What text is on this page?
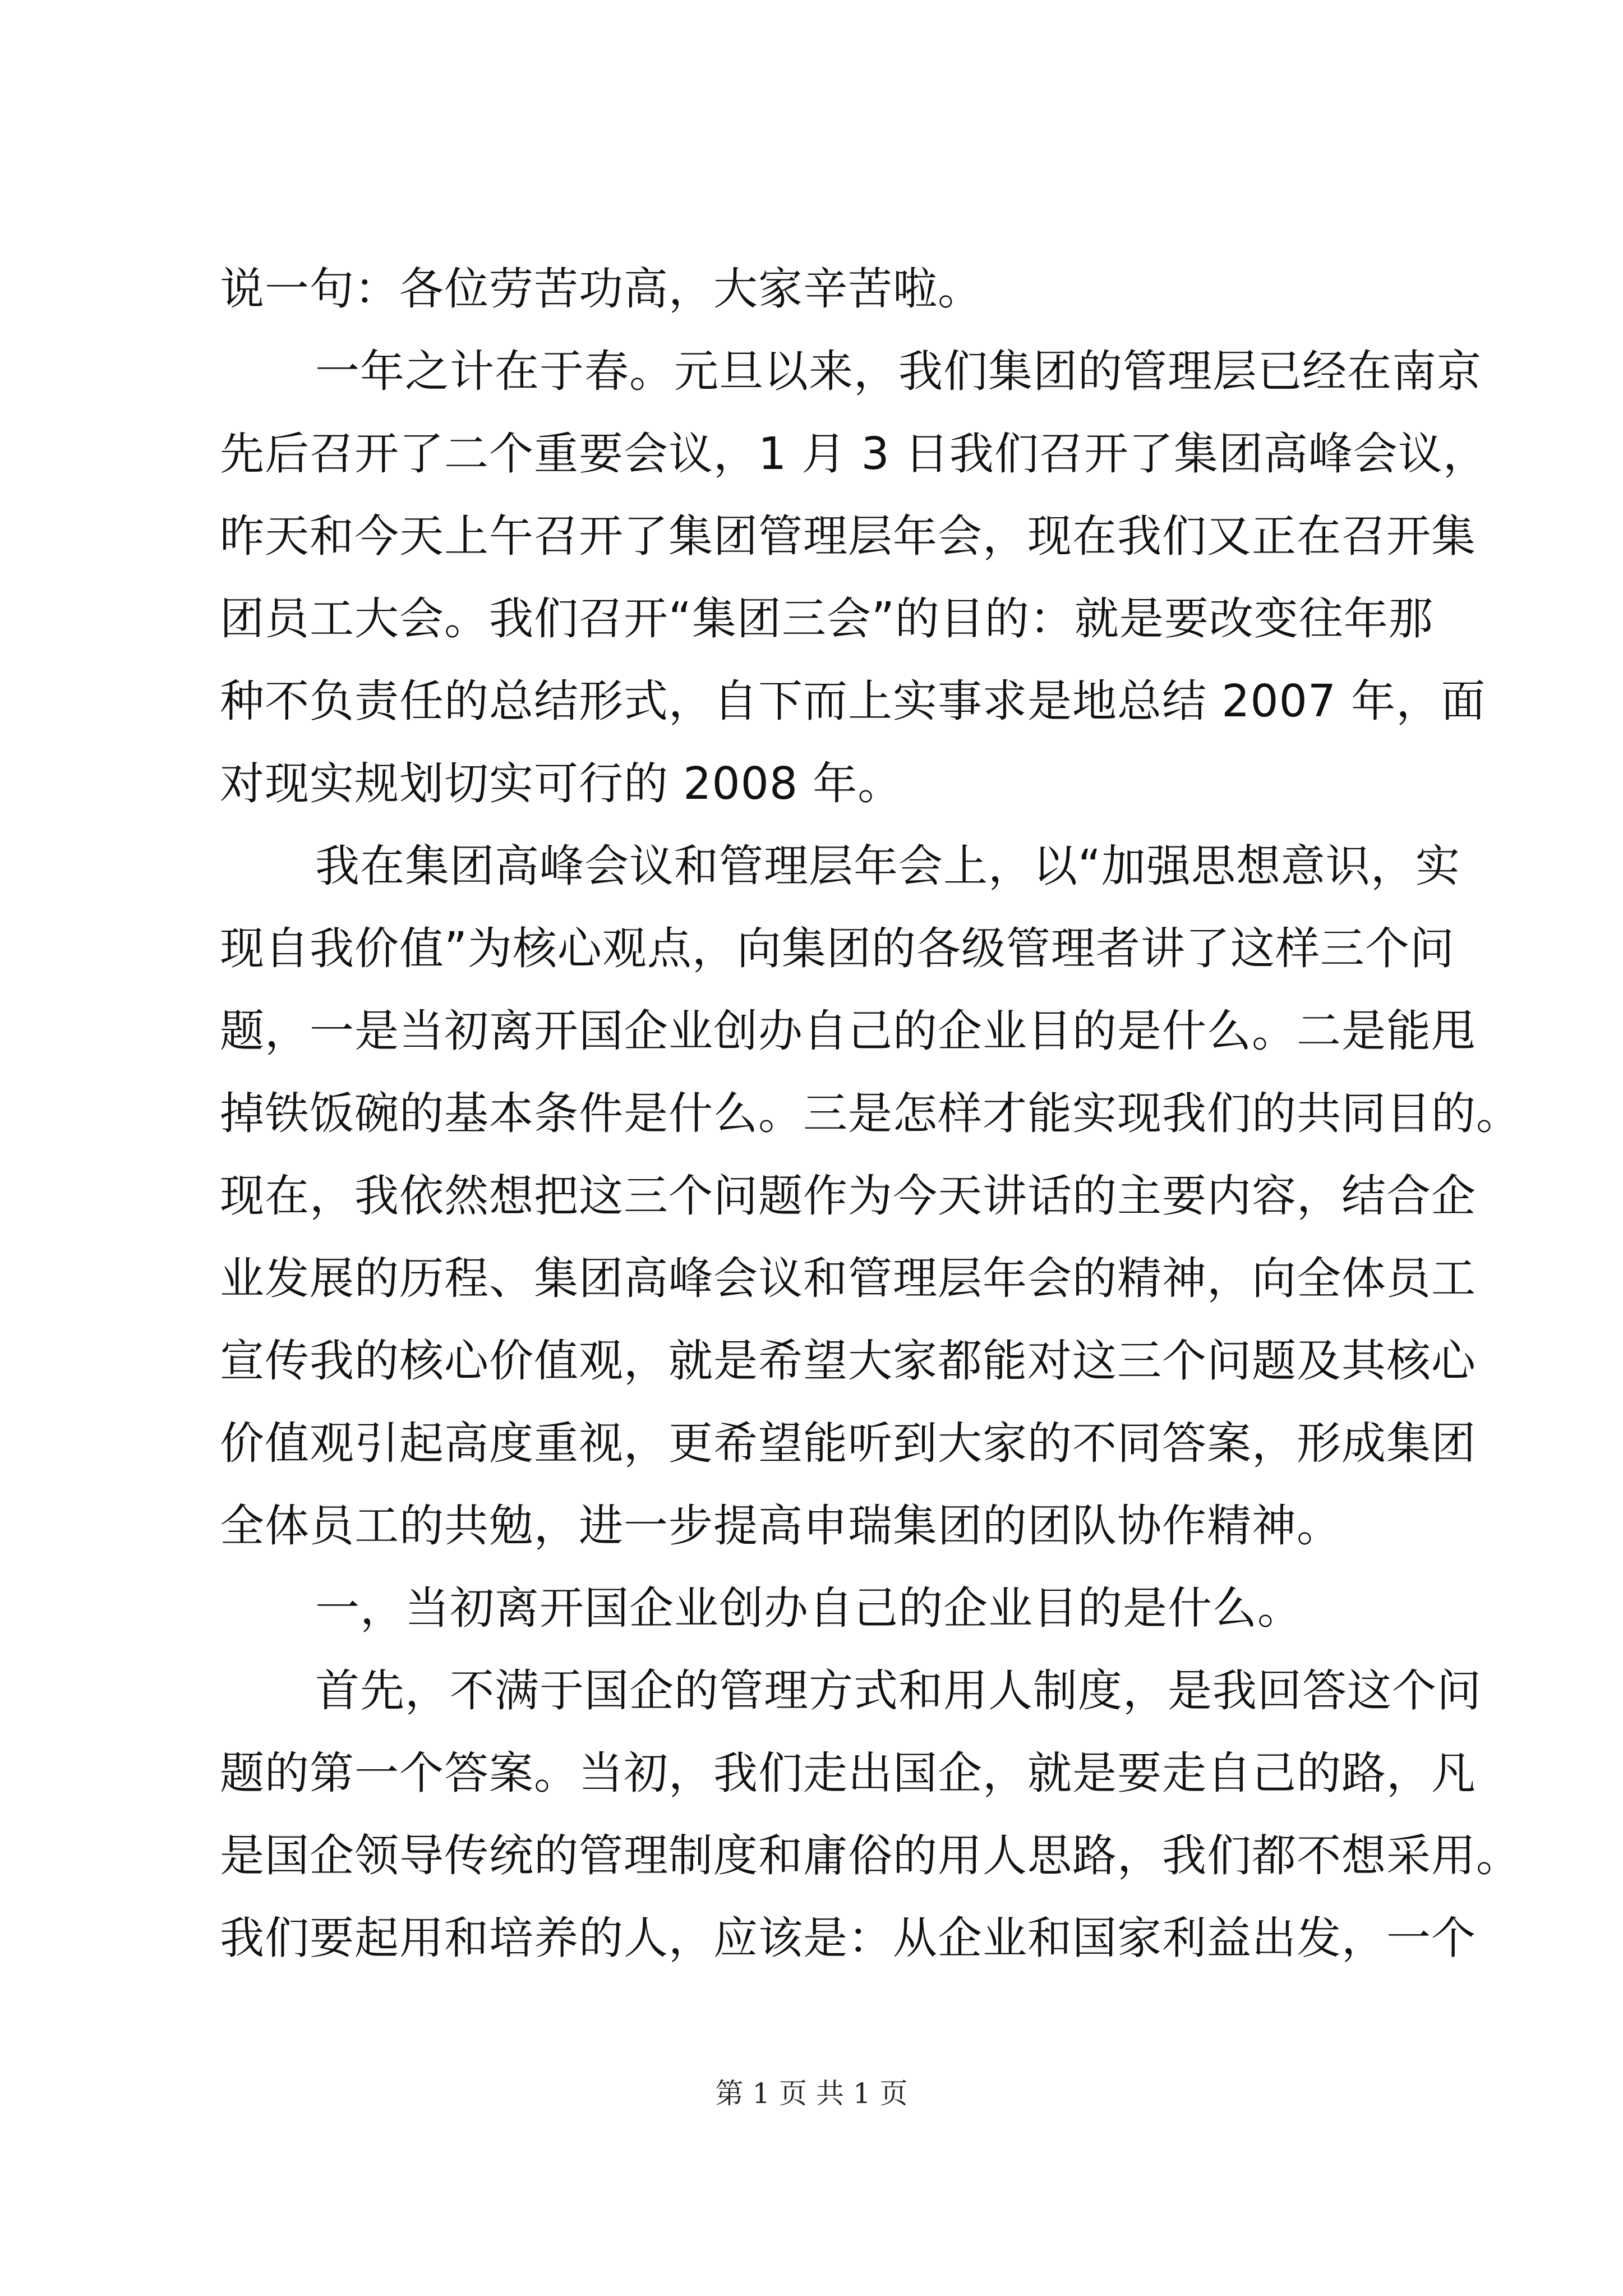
说一句：各位劳苦功高，大家辛苦啦。
一年之计在于春。元旦以来，我们集团的管理层已经在南京
先后召开了二个重要会议，1 月 3 日我们召开了集团高峰会议，
昨天和今天上午召开了集团管理层年会，现在我们又正在召开集
团员工大会。我们召开“集团三会”的目的：就是要改变往年那
种不负责任的总结形式，自下而上实事求是地总结 2007 年，面
对现实规划切实可行的 2008 年。
我在集团高峰会议和管理层年会上，以“加强思想意识，实
现自我价值”为核心观点，向集团的各级管理者讲了这样三个问
题，一是当初离开国企业创办自己的企业目的是什么。二是能甩
掉铁饭碗的基本条件是什么。三是怎样才能实现我们的共同目的。
现在，我依然想把这三个问题作为今天讲话的主要内容，结合企
业发展的历程、集团高峰会议和管理层年会的精神，向全体员工
宣传我的核心价值观，就是希望大家都能对这三个问题及其核心
价值观引起高度重视，更希望能听到大家的不同答案，形成集团
全体员工的共勉，进一步提高申瑞集团的团队协作精神。
一，当初离开国企业创办自己的企业目的是什么。
首先，不满于国企的管理方式和用人制度，是我回答这个问
题的第一个答案。当初，我们走出国企，就是要走自己的路，凡
是国企领导传统的管理制度和庸俗的用人思路，我们都不想采用。
我们要起用和培养的人，应该是：从企业和国家利益出发，一个
第 1 页 共 1 页
